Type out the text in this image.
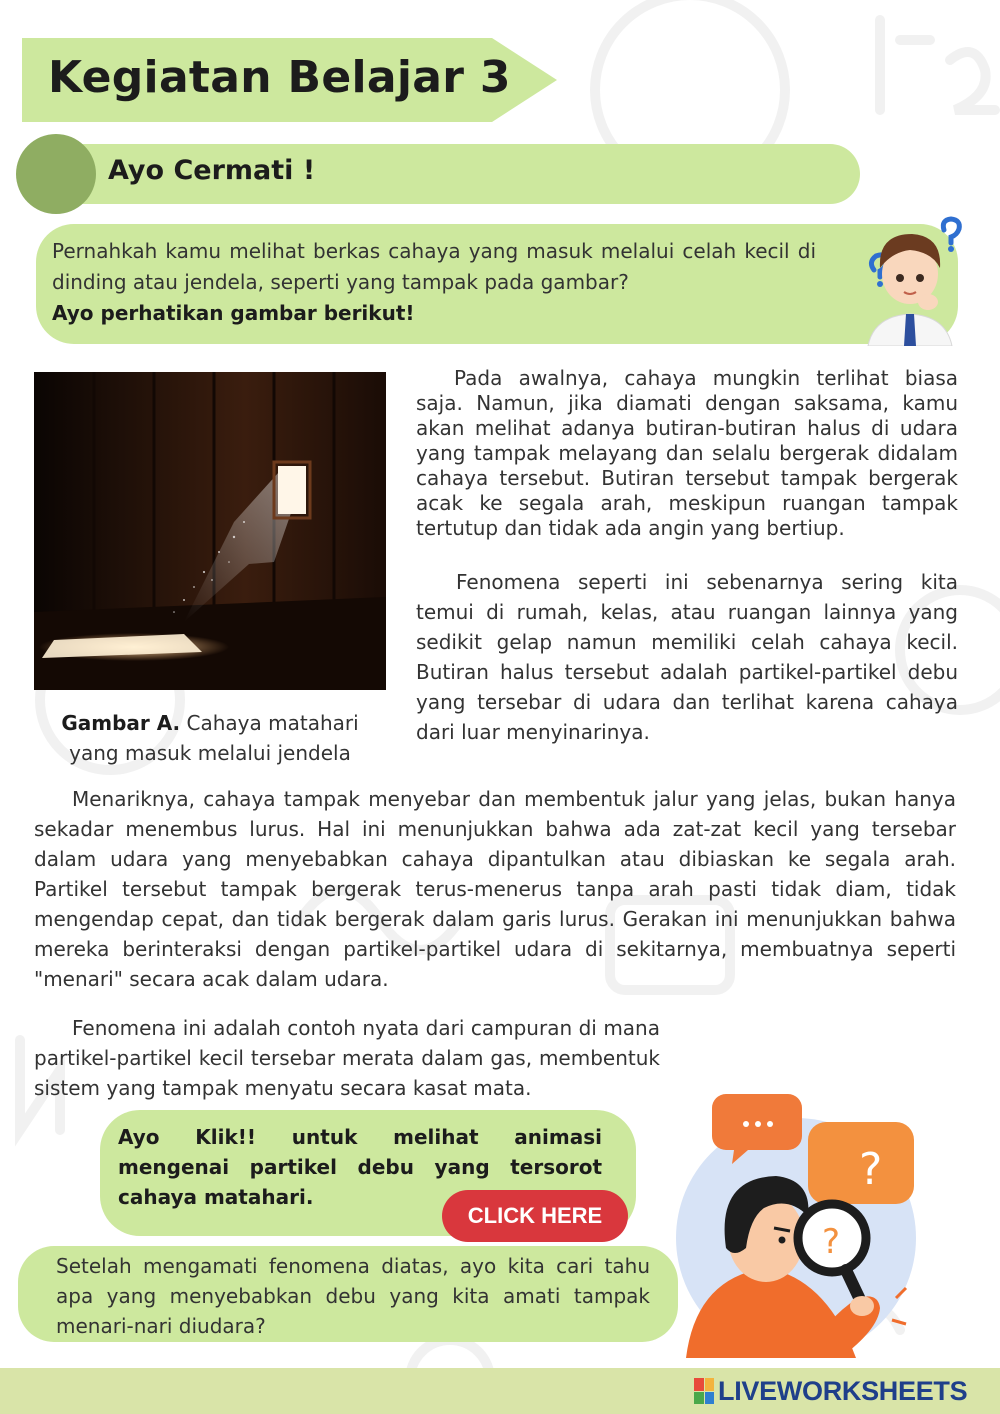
Kegiatan Belajar 3
Ayo Cermati !
Pernahkah kamu melihat berkas cahaya yang masuk melalui celah kecil di dinding atau jendela, seperti yang tampak pada gambar?
Ayo perhatikan gambar berikut!
Gambar A. Cahaya matahari yang masuk melalui jendela

Pada awalnya, cahaya mungkin terlihat biasa saja. Namun, jika diamati dengan saksama, kamu akan melihat adanya butiran-butiran halus di udara yang tampak melayang dan selalu bergerak didalam cahaya tersebut. Butiran tersebut tampak bergerak acak ke segala arah, meskipun ruangan tampak tertutup dan tidak ada angin yang bertiup.

Fenomena seperti ini sebenarnya sering kita temui di rumah, kelas, atau ruangan lainnya yang sedikit gelap namun memiliki celah cahaya kecil. Butiran halus tersebut adalah partikel-partikel debu yang tersebar di udara dan terlihat karena cahaya dari luar menyinarinya.

Menariknya, cahaya tampak menyebar dan membentuk jalur yang jelas, bukan hanya sekadar menembus lurus. Hal ini menunjukkan bahwa ada zat-zat kecil yang tersebar dalam udara yang menyebabkan cahaya dipantulkan atau dibiaskan ke segala arah. Partikel tersebut tampak bergerak terus-menerus tanpa arah pasti tidak diam, tidak mengendap cepat, dan tidak bergerak dalam garis lurus. Gerakan ini menunjukkan bahwa mereka berinteraksi dengan partikel-partikel udara di sekitarnya, membuatnya seperti "menari" secara acak dalam udara.

Fenomena ini adalah contoh nyata dari campuran di mana partikel-partikel kecil tersebar merata dalam gas, membentuk sistem yang tampak menyatu secara kasat mata.

Ayo Klik!! untuk melihat animasi mengenai partikel debu yang tersorot cahaya matahari.
CLICK HERE
Setelah mengamati fenomena diatas, ayo kita cari tahu apa yang menyebabkan debu yang kita amati tampak menari-nari diudara?
?
?
LIVEWORKSHEETS
